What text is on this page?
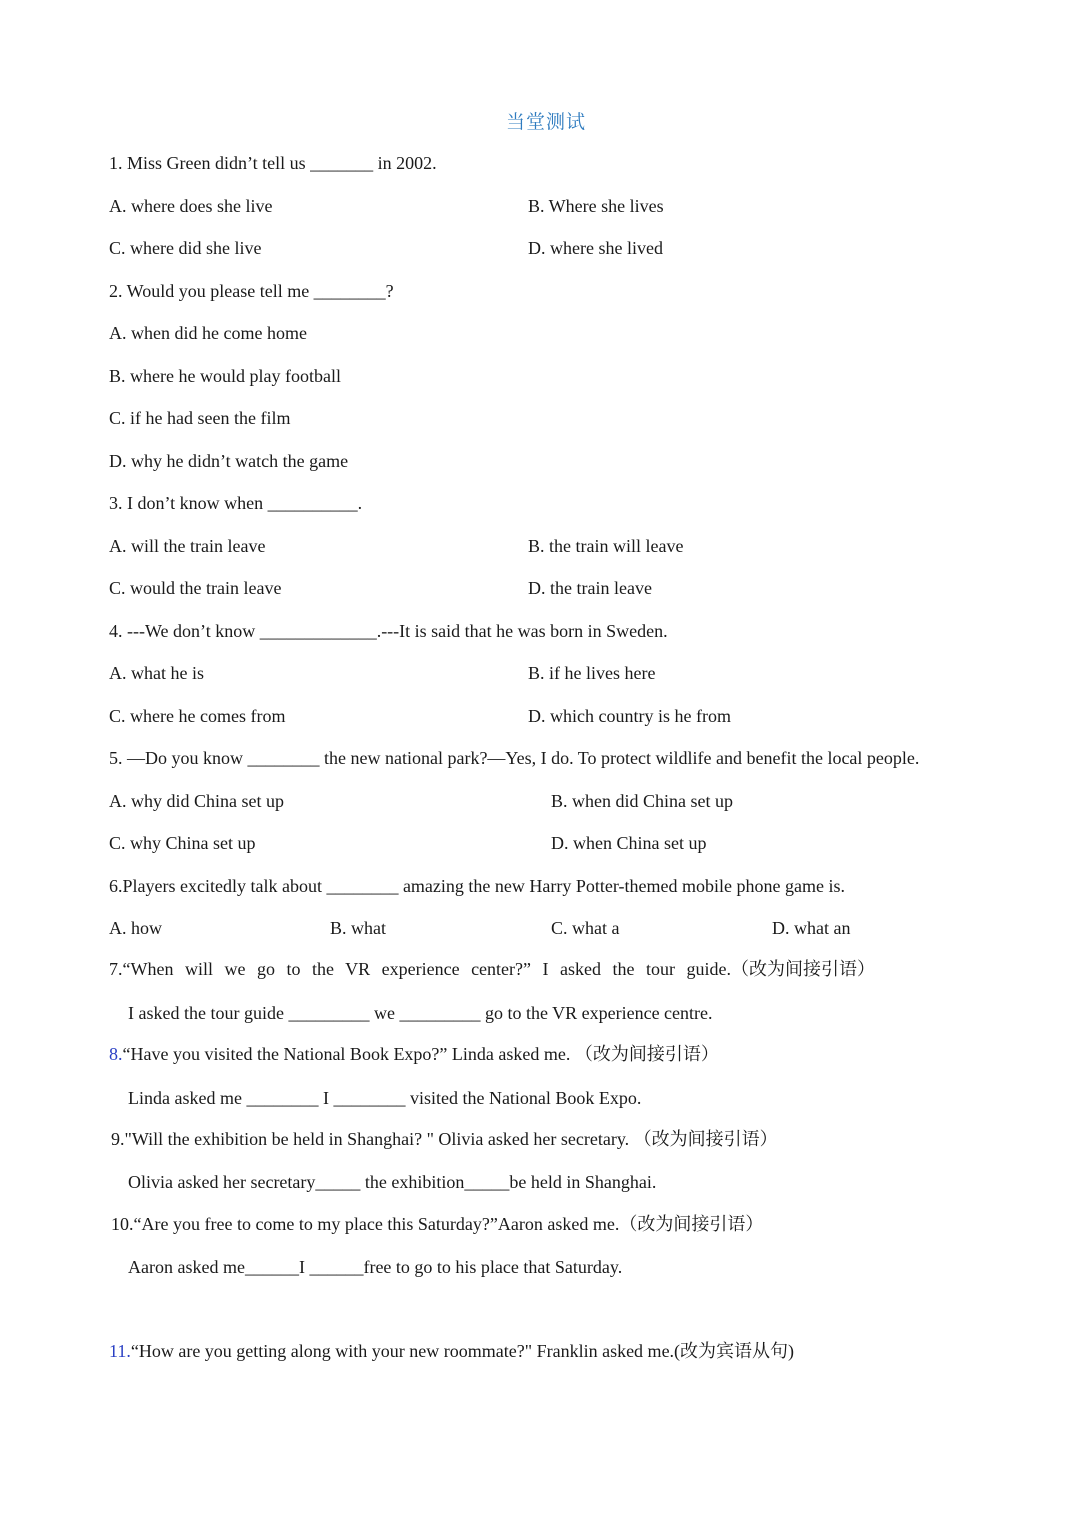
当堂测试
1. Miss Green didn’t tell us _______ in 2002.
A. where does she live	B. Where she lives
C. where did she live	D. where she lived
2. Would you please tell me ________?
A. when did he come home
B. where he would play football
C. if he had seen the film
D. why he didn’t watch the game
3. I don’t know when __________.
A. will the train leave	B. the train will leave
C. would the train leave	D. the train leave
4. ---We don’t know _____________.---It is said that he was born in Sweden.
A. what he is	B. if he lives here
C. where he comes from	D. which country is he from
5. —Do you know ________ the new national park?—Yes, I do. To protect wildlife and benefit the local people.
A. why did China set up	B. when did China set up
C. why China set up	D. when China set up
6.Players excitedly talk about ________ amazing the new Harry Potter-themed mobile phone game is.
A. how	B. what	C. what a	D. what an
7.“When will we go to the VR experience center?” I asked the tour guide.（改为间接引语）
I asked the tour guide _________ we _________ go to the VR experience centre.
8.“Have you visited the National Book Expo?” Linda asked me. （改为间接引语）
Linda asked me ________ I ________ visited the National Book Expo.
9."Will the exhibition be held in Shanghai? " Olivia asked her secretary. （改为间接引语）
Olivia asked her secretary_____ the exhibition_____be held in Shanghai.
10.“Are you free to come to my place this Saturday?”Aaron asked me.（改为间接引语）
Aaron asked me______I ______free to go to his place that Saturday.
11.“How are you getting along with your new roommate?" Franklin asked me.(改为宾语从句)
